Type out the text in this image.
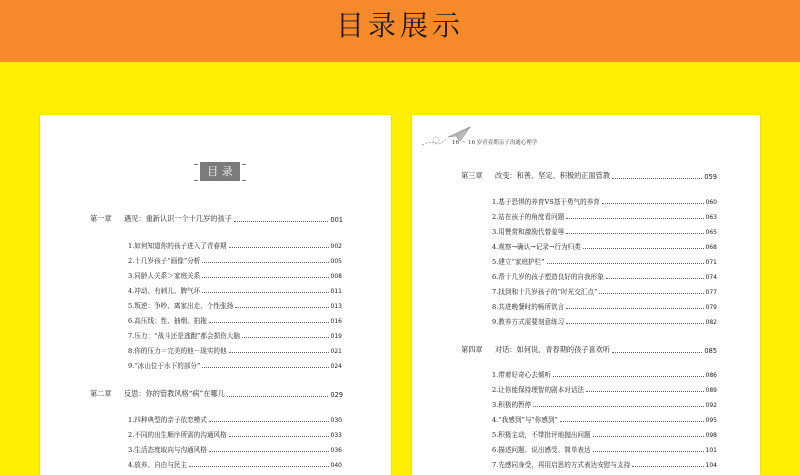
目录展示
目 录
第一章 遇见：重新认识一个十几岁的孩子	001
1.如何知道你的孩子进入了青春期	002
2.十几岁孩子“画像”分析	005
3.同龄人关系＞家庭关系	008
4.冲动、有刺儿、脾气坏	011
5.叛逆：争吵、离家出走、个性张扬	013
6.高压线：性、抽烟、拍拖	016
7.压力：“战斗还是逃跑”都会损伤大脑	019
8.你的压力＝完美的他－现实的他	021
9.“冰山位于水下的部分”	024
第二章 反思：你的管教风格“病”在哪儿	029
1.四种典型的亲子依恋模式	030
2.不同的出生顺序所需的沟通风格	033
3.生活态度取向与沟通风格	036
4.放养、自由与民主	040
16 ～ 16 岁青春期亲子沟通心理学
第三章 改变：和善、坚定、积极的正面管教	059
1.基于恐惧的养育VS基于勇气的养育	060
2.站在孩子的角度看问题	063
3.用赞赏和激励代替羞辱	065
4.观察→确认→记录→行为归类	068
5.建立“家庭护栏”	071
6.帮十几岁的孩子塑造良好的自我形象	074
7.找到和十几岁孩子的“时光交汇点”	077
8.共进晚餐时的畅所欲言	079
9.教养方式需要刻意练习	082
第四章 对话：如何说，青春期的孩子喜欢听	085
1.带着好奇心去倾听	086
2.让你能保持理智的剧本对话法	089
3.积极的暂停	092
4.“我感到”与“你感到”	095
5.积极主动，不带批评地抛出问题	098
6.描述问题、说出感受、简单表达	101
7.先感同身受，再用启思的方式表达安慰与支持	104
